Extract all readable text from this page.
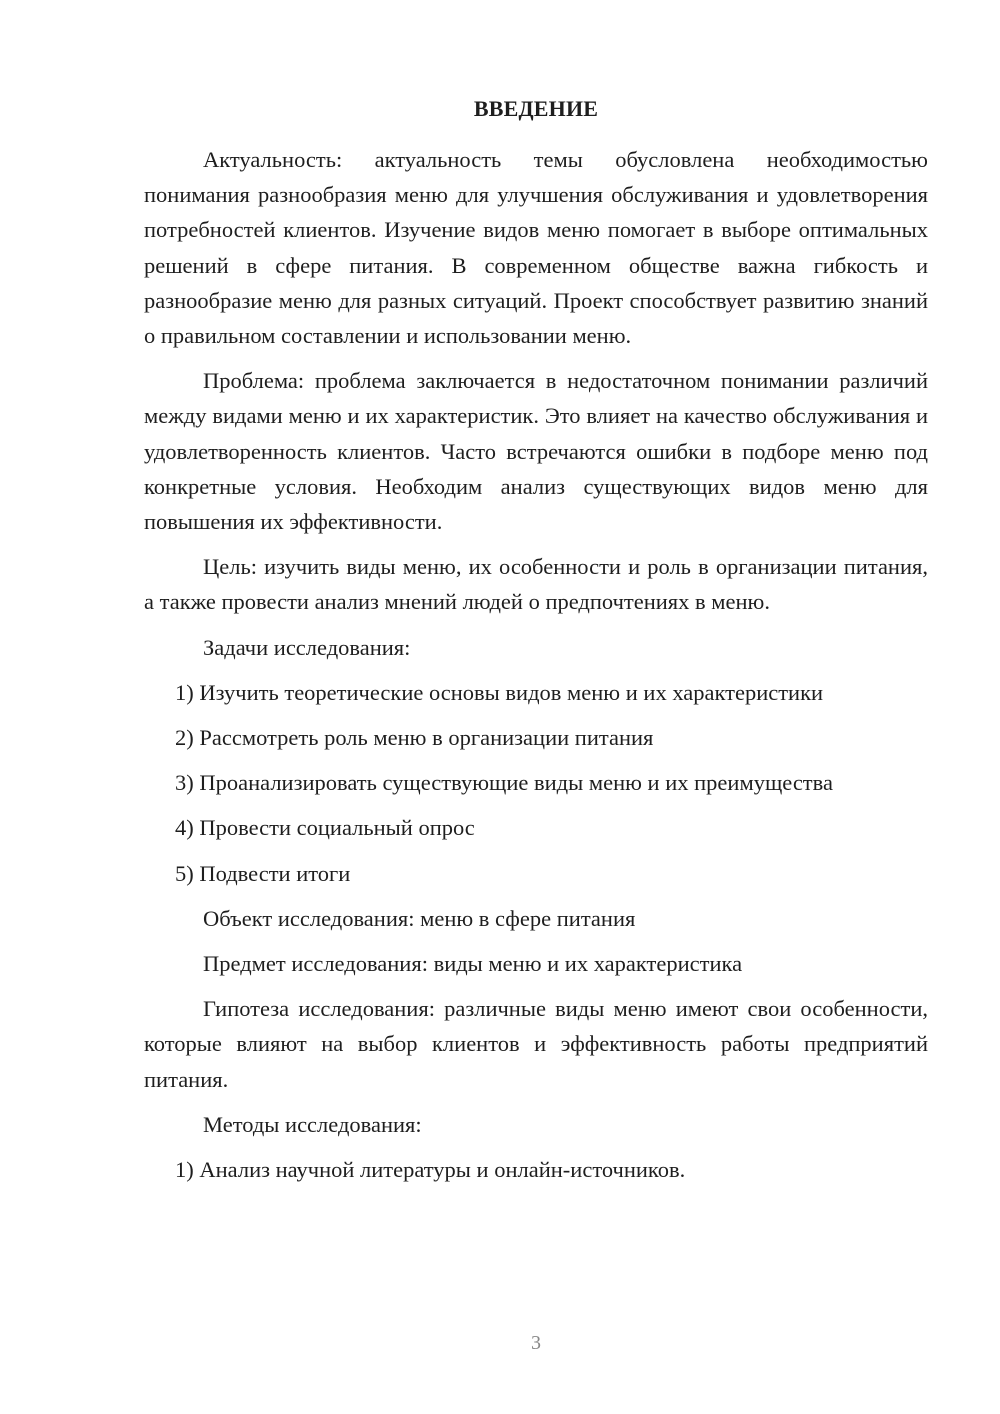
ВВЕДЕНИЕ

Актуальность: актуальность темы обусловлена необходимостью понимания разнообразия меню для улучшения обслуживания и удовлетворения потребностей клиентов. Изучение видов меню помогает в выборе оптимальных решений в сфере питания. В современном обществе важна гибкость и разнообразие меню для разных ситуаций. Проект способствует развитию знаний о правильном составлении и использовании меню.

Проблема: проблема заключается в недостаточном понимании различий между видами меню и их характеристик. Это влияет на качество обслуживания и удовлетворенность клиентов. Часто встречаются ошибки в подборе меню под конкретные условия. Необходим анализ существующих видов меню для повышения их эффективности.

Цель: изучить виды меню, их особенности и роль в организации питания, а также провести анализ мнений людей о предпочтениях в меню.

Задачи исследования:

1) Изучить теоретические основы видов меню и их характеристики

2) Рассмотреть роль меню в организации питания

3) Проанализировать существующие виды меню и их преимущества

4) Провести социальный опрос

5) Подвести итоги

Объект исследования: меню в сфере питания

Предмет исследования: виды меню и их характеристика

Гипотеза исследования: различные виды меню имеют свои особенности, которые влияют на выбор клиентов и эффективность работы предприятий питания.

Методы исследования:

1) Анализ научной литературы и онлайн-источников.

3
